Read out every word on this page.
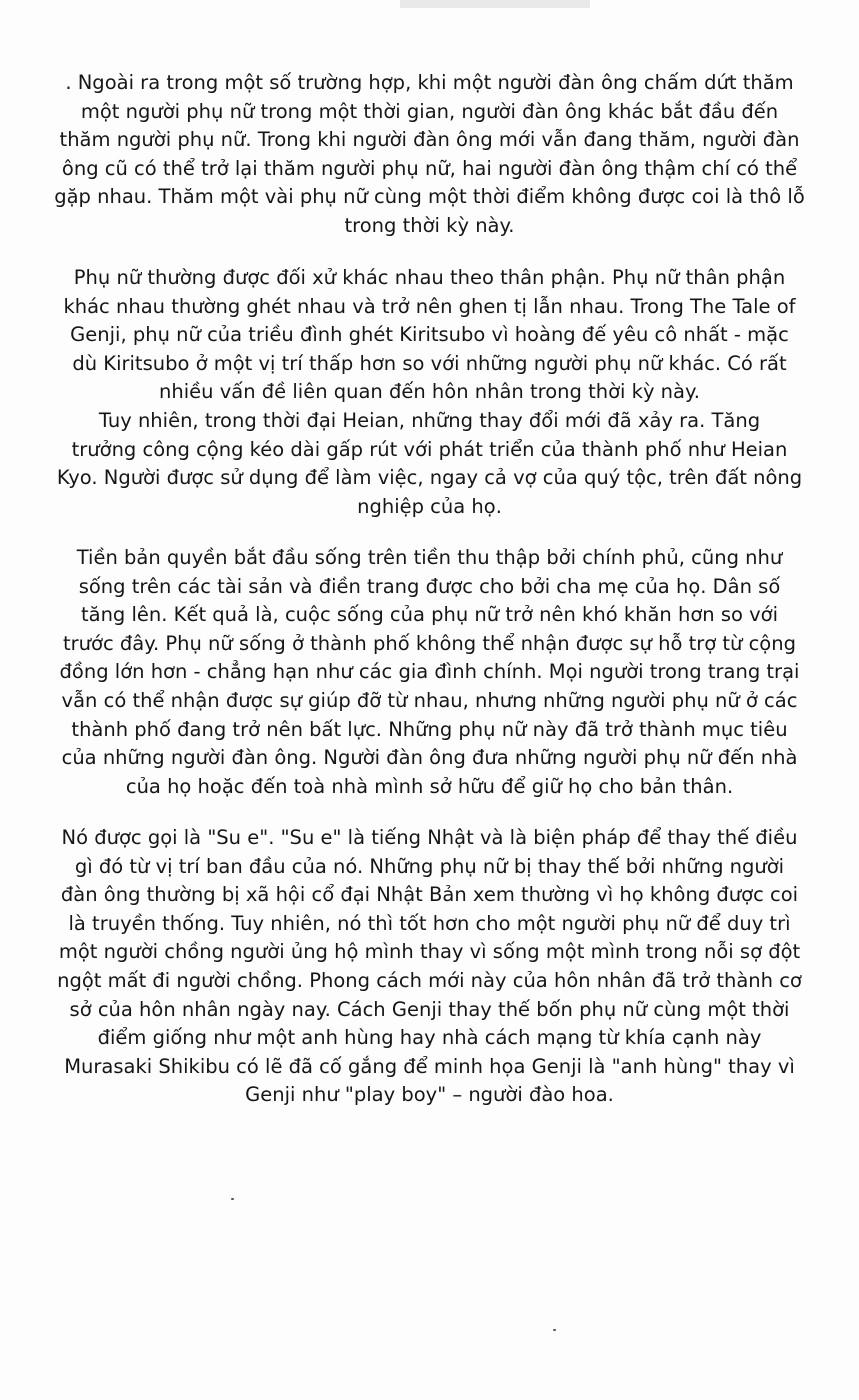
. Ngoài ra trong một số trường hợp, khi một người đàn ông chấm dứt thăm
một người phụ nữ trong một thời gian, người đàn ông khác bắt đầu đến
thăm người phụ nữ. Trong khi người đàn ông mới vẫn đang thăm, người đàn
ông cũ có thể trở lại thăm người phụ nữ, hai người đàn ông thậm chí có thể
gặp nhau. Thăm một vài phụ nữ cùng một thời điểm không được coi là thô lỗ
trong thời kỳ này.
Phụ nữ thường được đối xử khác nhau theo thân phận. Phụ nữ thân phận
khác nhau thường ghét nhau và trở nên ghen tị lẫn nhau. Trong The Tale of
Genji, phụ nữ của triều đình ghét Kiritsubo vì hoàng đế yêu cô nhất - mặc
dù Kiritsubo ở một vị trí thấp hơn so với những người phụ nữ khác. Có rất
nhiều vấn đề liên quan đến hôn nhân trong thời kỳ này.
Tuy nhiên, trong thời đại Heian, những thay đổi mới đã xảy ra. Tăng
trưởng công cộng kéo dài gấp rút với phát triển của thành phố như Heian
Kyo. Người được sử dụng để làm việc, ngay cả vợ của quý tộc, trên đất nông
nghiệp của họ.
Tiền bản quyền bắt đầu sống trên tiền thu thập bởi chính phủ, cũng như
sống trên các tài sản và điền trang được cho bởi cha mẹ của họ. Dân số
tăng lên. Kết quả là, cuộc sống của phụ nữ trở nên khó khăn hơn so với
trước đây. Phụ nữ sống ở thành phố không thể nhận được sự hỗ trợ từ cộng
đồng lớn hơn - chẳng hạn như các gia đình chính. Mọi người trong trang trại
vẫn có thể nhận được sự giúp đỡ từ nhau, nhưng những người phụ nữ ở các
thành phố đang trở nên bất lực. Những phụ nữ này đã trở thành mục tiêu
của những người đàn ông. Người đàn ông đưa những người phụ nữ đến nhà
của họ hoặc đến toà nhà mình sở hữu để giữ họ cho bản thân.
Nó được gọi là "Su e". "Su e" là tiếng Nhật và là biện pháp để thay thế điều
gì đó từ vị trí ban đầu của nó. Những phụ nữ bị thay thế bởi những người
đàn ông thường bị xã hội cổ đại Nhật Bản xem thường vì họ không được coi
là truyền thống. Tuy nhiên, nó thì tốt hơn cho một người phụ nữ để duy trì
một người chồng người ủng hộ mình thay vì sống một mình trong nỗi sợ đột
ngột mất đi người chồng. Phong cách mới này của hôn nhân đã trở thành cơ
sở của hôn nhân ngày nay. Cách Genji thay thế bốn phụ nữ cùng một thời
điểm giống như một anh hùng hay nhà cách mạng từ khía cạnh này
Murasaki Shikibu có lẽ đã cố gắng để minh họa Genji là "anh hùng" thay vì
Genji như "play boy" – người đào hoa.
